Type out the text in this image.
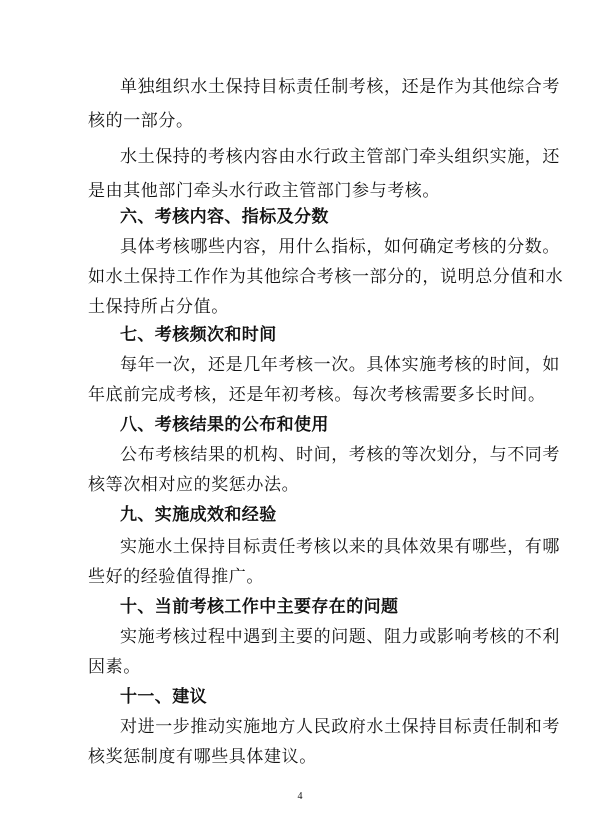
单独组织水土保持目标责任制考核，还是作为其他综合考
核的一部分。
水土保持的考核内容由水行政主管部门牵头组织实施，还
是由其他部门牵头水行政主管部门参与考核。
六、考核内容、指标及分数
具体考核哪些内容，用什么指标，如何确定考核的分数。
如水土保持工作作为其他综合考核一部分的，说明总分值和水
土保持所占分值。
七、考核频次和时间
每年一次，还是几年考核一次。具体实施考核的时间，如
年底前完成考核，还是年初考核。每次考核需要多长时间。
八、考核结果的公布和使用
公布考核结果的机构、时间，考核的等次划分，与不同考
核等次相对应的奖惩办法。
九、实施成效和经验
实施水土保持目标责任考核以来的具体效果有哪些，有哪
些好的经验值得推广。
十、当前考核工作中主要存在的问题
实施考核过程中遇到主要的问题、阻力或影响考核的不利
因素。
十一、建议
对进一步推动实施地方人民政府水土保持目标责任制和考
核奖惩制度有哪些具体建议。
4
